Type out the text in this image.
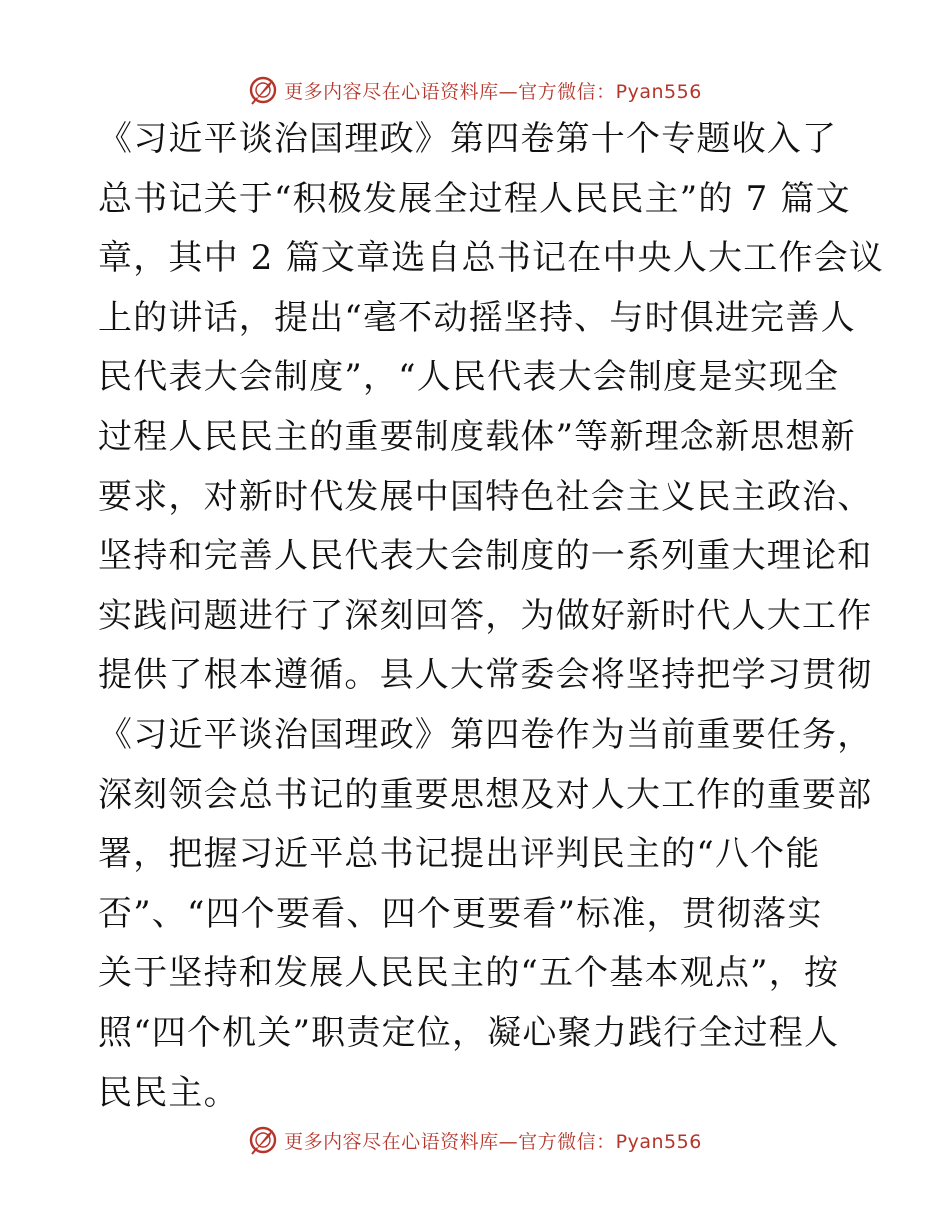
更多内容尽在心语资料库—官方微信：Pyan556
《习近平谈治国理政》第四卷第十个专题收入了
总书记关于“积极发展全过程人民民主”的 7 篇文
章，其中 2 篇文章选自总书记在中央人大工作会议
上的讲话，提出“毫不动摇坚持、与时俱进完善人
民代表大会制度”，“人民代表大会制度是实现全
过程人民民主的重要制度载体”等新理念新思想新
要求，对新时代发展中国特色社会主义民主政治、
坚持和完善人民代表大会制度的一系列重大理论和
实践问题进行了深刻回答，为做好新时代人大工作
提供了根本遵循。县人大常委会将坚持把学习贯彻
《习近平谈治国理政》第四卷作为当前重要任务，
深刻领会总书记的重要思想及对人大工作的重要部
署，把握习近平总书记提出评判民主的“八个能
否”、“四个要看、四个更要看”标准，贯彻落实
关于坚持和发展人民民主的“五个基本观点”，按
照“四个机关”职责定位，凝心聚力践行全过程人
民民主。
更多内容尽在心语资料库—官方微信：Pyan556
